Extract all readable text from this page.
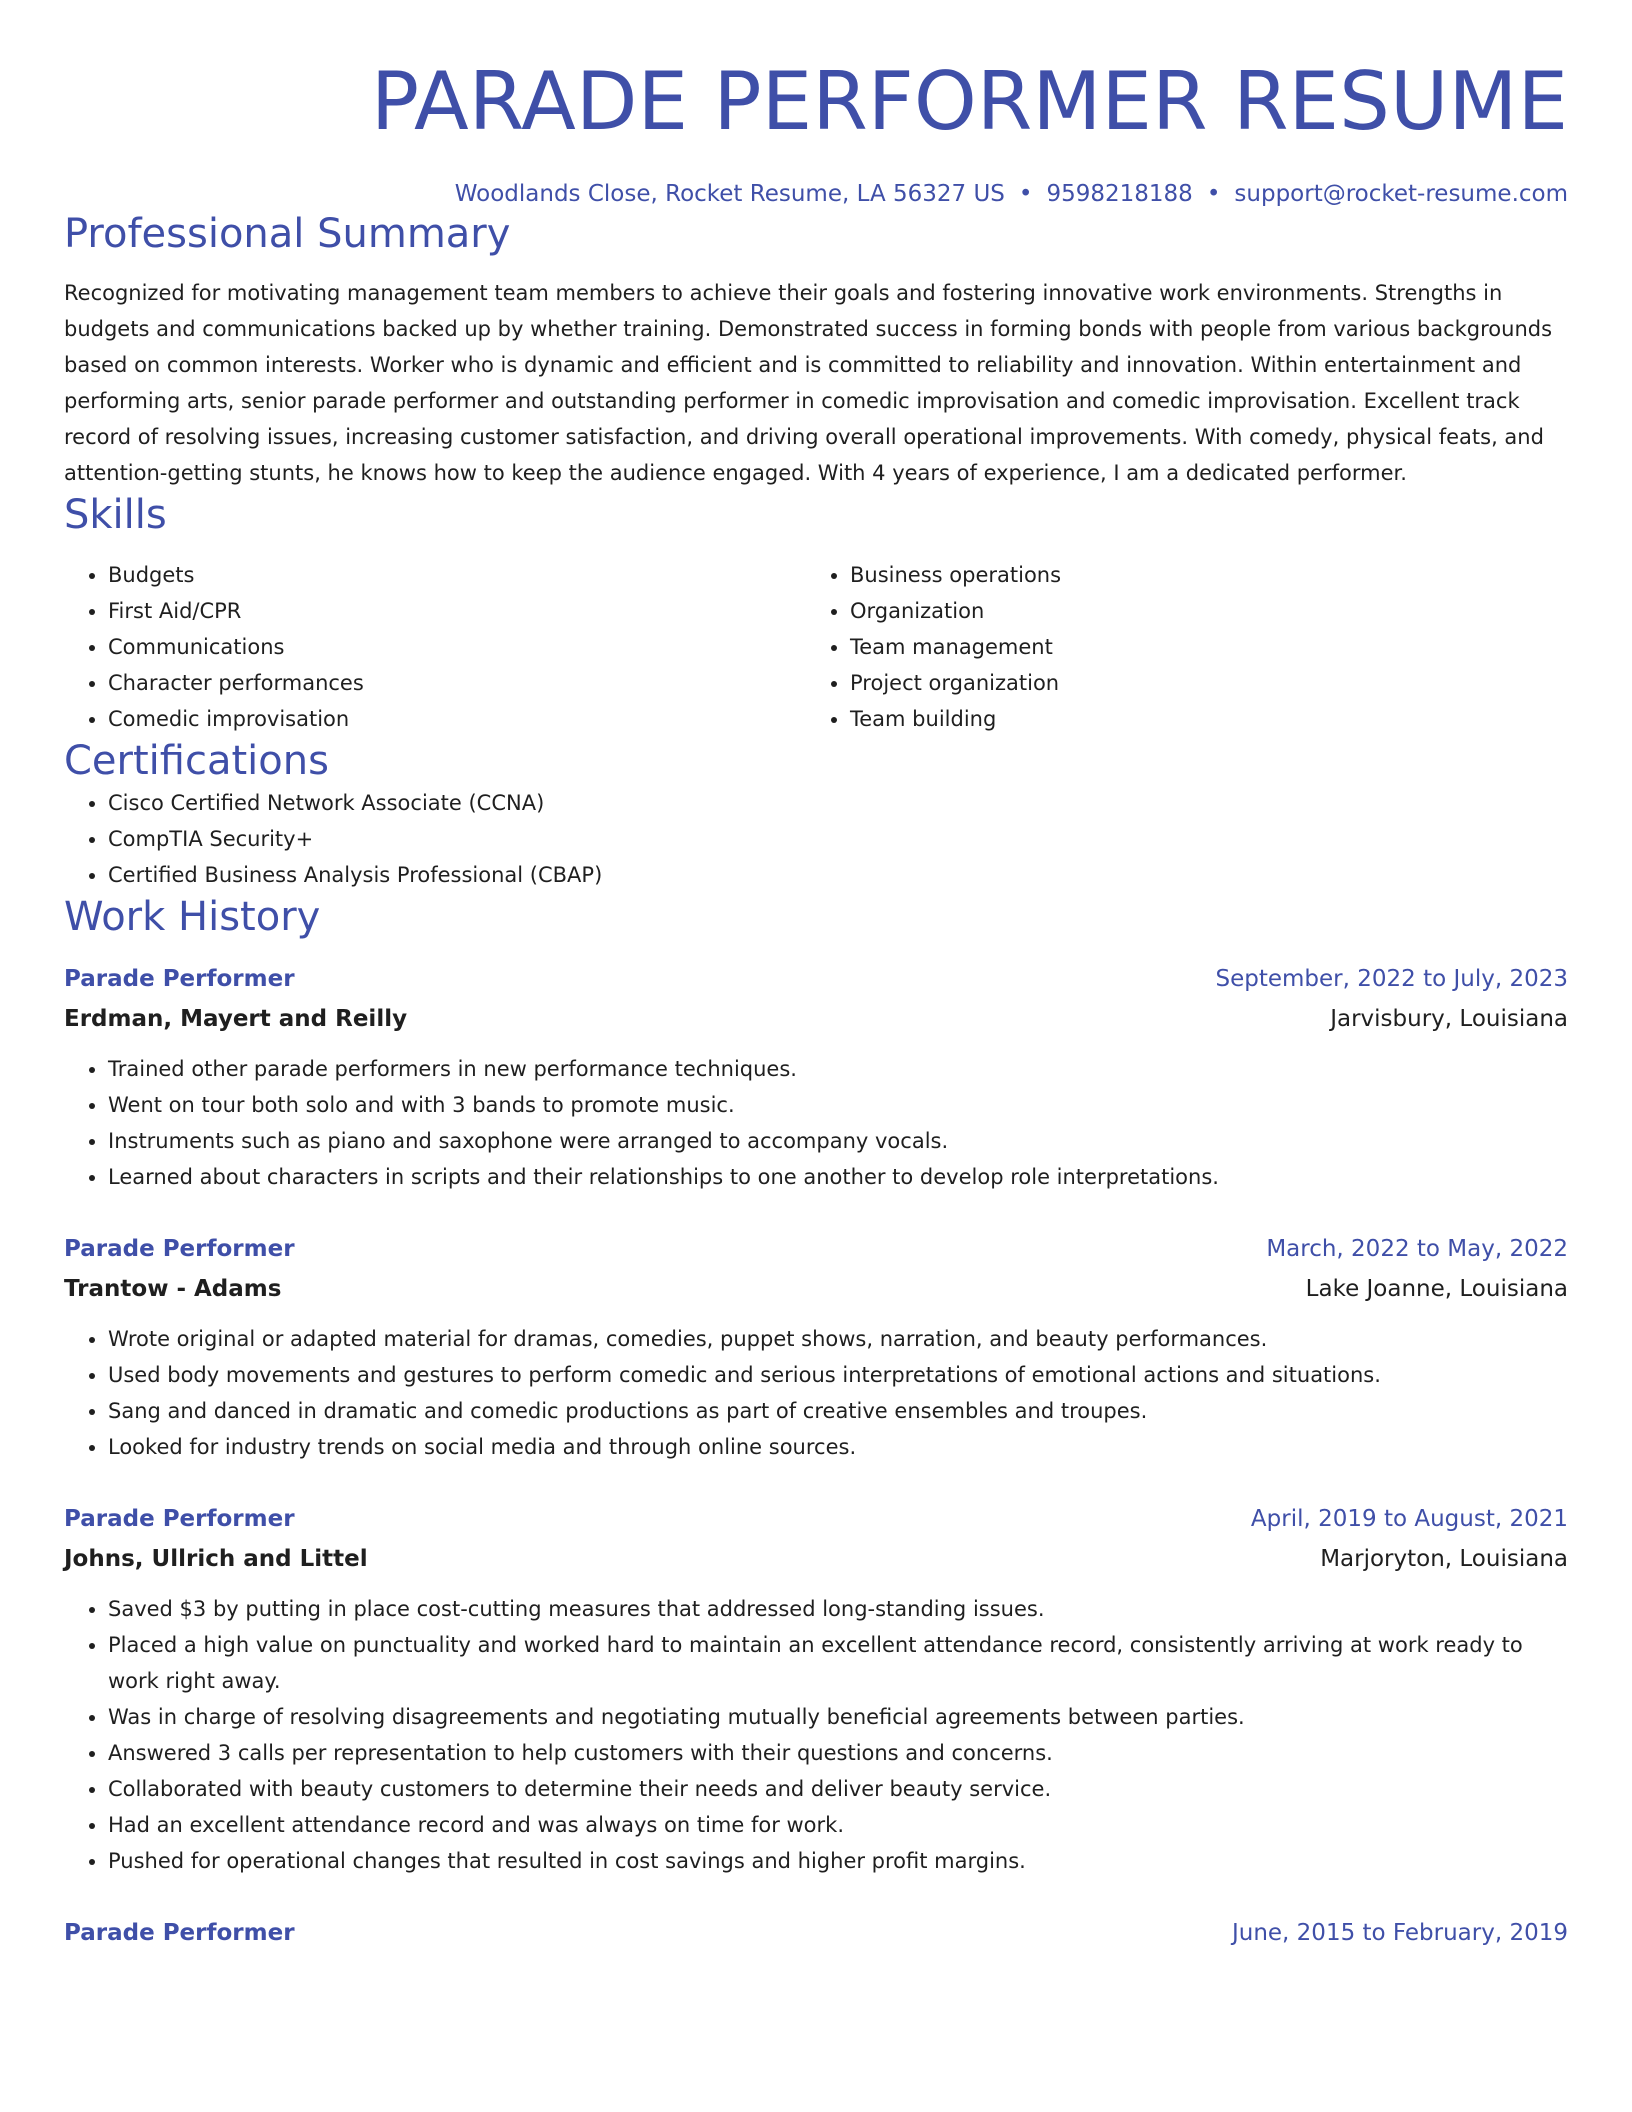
PARADE PERFORMER RESUME
Woodlands Close, Rocket Resume, LA 56327 US • 9598218188 • support@rocket-resume.com
Professional Summary

Recognized for motivating management team members to achieve their goals and fostering innovative work environments. Strengths in budgets and communications backed up by whether training. Demonstrated success in forming bonds with people from various backgrounds based on common interests. Worker who is dynamic and efficient and is committed to reliability and innovation. Within entertainment and performing arts, senior parade performer and outstanding performer in comedic improvisation and comedic improvisation. Excellent track record of resolving issues, increasing customer satisfaction, and driving overall operational improvements. With comedy, physical feats, and attention-getting stunts, he knows how to keep the audience engaged. With 4 years of experience, I am a dedicated performer.

Skills
• Budgets
• First Aid/CPR
• Communications
• Character performances
• Comedic improvisation
• Business operations
• Organization
• Team management
• Project organization
• Team building
Certifications
• Cisco Certified Network Associate (CCNA)
• CompTIA Security+
• Certified Business Analysis Professional (CBAP)
Work History
Parade Performer	September, 2022 to July, 2023
Erdman, Mayert and Reilly	Jarvisbury, Louisiana
• Trained other parade performers in new performance techniques.
• Went on tour both solo and with 3 bands to promote music.
• Instruments such as piano and saxophone were arranged to accompany vocals.
• Learned about characters in scripts and their relationships to one another to develop role interpretations.
Parade Performer	March, 2022 to May, 2022
Trantow - Adams	Lake Joanne, Louisiana
• Wrote original or adapted material for dramas, comedies, puppet shows, narration, and beauty performances.
• Used body movements and gestures to perform comedic and serious interpretations of emotional actions and situations.
• Sang and danced in dramatic and comedic productions as part of creative ensembles and troupes.
• Looked for industry trends on social media and through online sources.
Parade Performer	April, 2019 to August, 2021
Johns, Ullrich and Littel	Marjoryton, Louisiana
• Saved $3 by putting in place cost-cutting measures that addressed long-standing issues.
• Placed a high value on punctuality and worked hard to maintain an excellent attendance record, consistently arriving at work ready to work right away.
• Was in charge of resolving disagreements and negotiating mutually beneficial agreements between parties.
• Answered 3 calls per representation to help customers with their questions and concerns.
• Collaborated with beauty customers to determine their needs and deliver beauty service.
• Had an excellent attendance record and was always on time for work.
• Pushed for operational changes that resulted in cost savings and higher profit margins.
Parade Performer	June, 2015 to February, 2019
